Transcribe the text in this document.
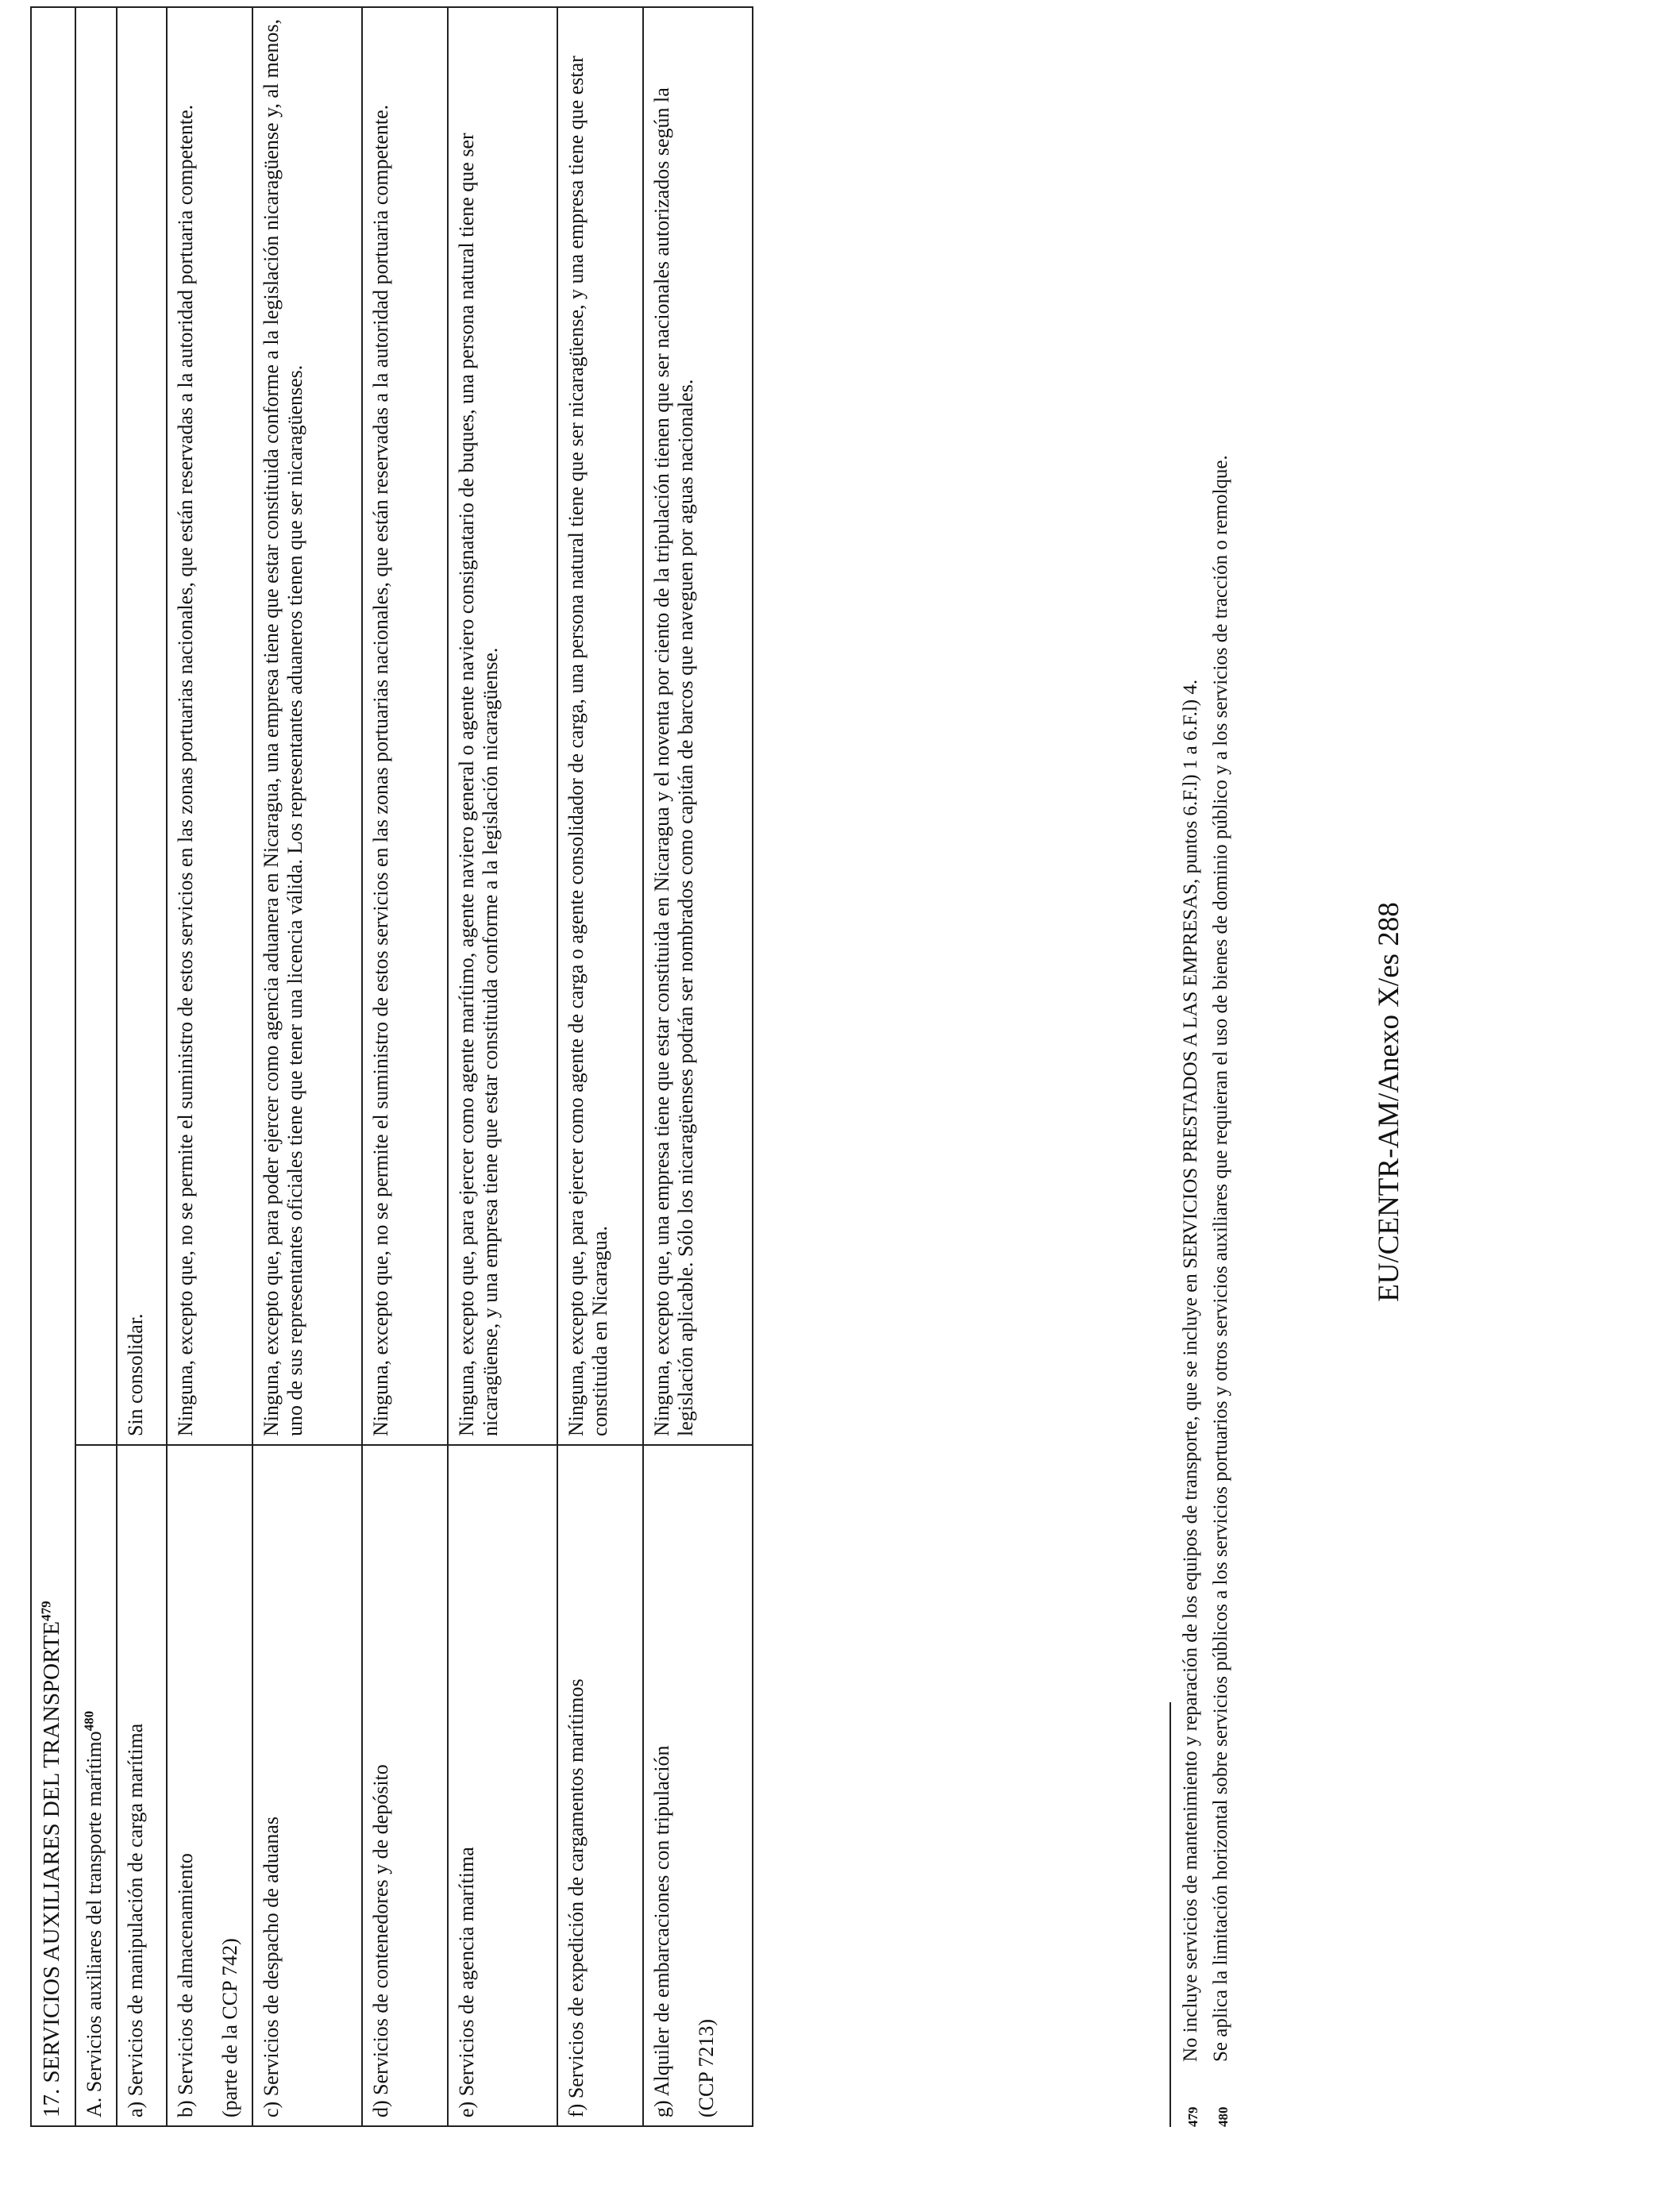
17. SERVICIOS AUXILIARES DEL TRANSPORTE$^{479}$
A. Servicios auxiliares del transporte marítimo$^{480}$	

a) Servicios de manipulación de carga marítima	Sin consolidar.

b) Servicios de almacenamiento (parte de la CCP 742)	Ninguna, excepto que, no se permite el suministro de estos servicios en las zonas portuarias nacionales, que están reservadas a la autoridad portuaria competente.

c) Servicios de despacho de aduanas	Ninguna, excepto que, para poder ejercer como agencia aduanera en Nicaragua, una empresa tiene que estar constituida conforme a la legislación nicaragüense y, al menos, uno de sus representantes oficiales tiene que tener una licencia válida. Los representantes aduaneros tienen que ser nicaragüenses.

d) Servicios de contenedores y de depósito	Ninguna, excepto que, no se permite el suministro de estos servicios en las zonas portuarias nacionales, que están reservadas a la autoridad portuaria competente.

e) Servicios de agencia marítima	Ninguna, excepto que, para ejercer como agente marítimo, agente naviero general o agente naviero consignatario de buques, una persona natural tiene que ser nicaragüense, y una empresa tiene que estar constituida conforme a la legislación nicaragüense.

f) Servicios de expedición de cargamentos marítimos	Ninguna, excepto que, para ejercer como agente de carga o agente consolidador de carga, una persona natural tiene que ser nicaragüense, y una empresa tiene que estar constituida en Nicaragua.

g) Alquiler de embarcaciones con tripulación (CCP 7213)	Ninguna, excepto que, una empresa tiene que estar constituida en Nicaragua y el noventa por ciento de la tripulación tienen que ser nacionales autorizados según la legislación aplicable. Sólo los nicaragüenses podrán ser nombrados como capitán de barcos que naveguen por aguas nacionales.
479
No incluye servicios de mantenimiento y reparación de los equipos de transporte, que se incluye en SERVICIOS PRESTADOS A LAS EMPRESAS, puntos 6.F.l) 1 a 6.F.l) 4.
480
Se aplica la limitación horizontal sobre servicios públicos a los servicios portuarios y otros servicios auxiliares que requieran el uso de bienes de dominio público y a los servicios de tracción o remolque.	EU/CENTR-AM/Anexo X/es 288
